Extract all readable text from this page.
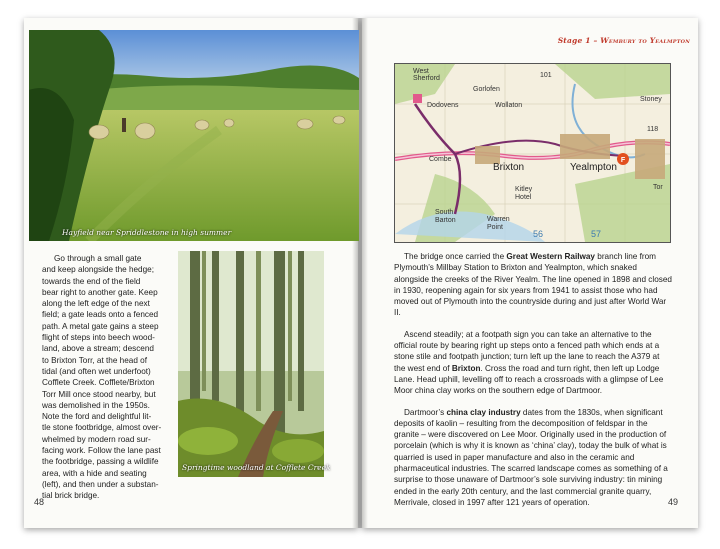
Hayfield near Spriddlestone in high summer
Springtime woodland at Cofflete Creek
Go through a small gate
and keep alongside the hedge;
towards the end of the field
bear right to another gate. Keep
along the left edge of the next
field; a gate leads onto a fenced
path. A metal gate gains a steep
flight of steps into beech wood-
land, above a stream; descend
to Brixton Torr, at the head of
tidal (and often wet underfoot)
Cofflete Creek. Cofflete/Brixton
Torr Mill once stood nearby, but
was demolished in the 1950s.
Note the ford and delightful lit-
tle stone footbridge, almost over-
whelmed by modern road sur-
facing work. Follow the lane past
the footbridge, passing a wildlife
area, with a hide and seating
(left), and then under a substan-
tial brick bridge.
48
Stage 1 – Wembury to Yealmpton
F
West Sherford
Gorlofen
101
Dodovens	Wollaton
Stoney
118
Combe
Brixton	Yealmpton
Kitley Hotel
Tor
South Barton	Warren Point
56	57

The bridge once carried the Great Western Railway branch line from Plymouth’s Millbay Station to Brixton and Yealmpton, which snaked alongside the creeks of the River Yealm. The line opened in 1898 and closed in 1930, reopening again for six years from 1941 to assist those who had moved out of Plymouth into the countryside during and just after World War II.

Ascend steadily; at a footpath sign you can take an alternative to the official route by bearing right up steps onto a fenced path which ends at a stone stile and footpath junction; turn left up the lane to reach the A379 at the west end of Brixton. Cross the road and turn right, then left up Lodge Lane. Head uphill, levelling off to reach a crossroads with a glimpse of Lee Moor china clay works on the southern edge of Dartmoor.

Dartmoor’s china clay industry dates from the 1830s, when significant deposits of kaolin – resulting from the decomposition of feldspar in the granite – were discovered on Lee Moor. Originally used in the production of porcelain (which is why it is known as ‘china’ clay), today the bulk of what is quarried is used in paper manufacture and also in the ceramic and pharmaceutical industries. The scarred landscape comes as something of a surprise to those unaware of Dartmoor’s sole surviving industry: tin mining ended in the early 20th century, and the last commercial granite quarry, Merrivale, closed in 1997 after 121 years of operation.	49
